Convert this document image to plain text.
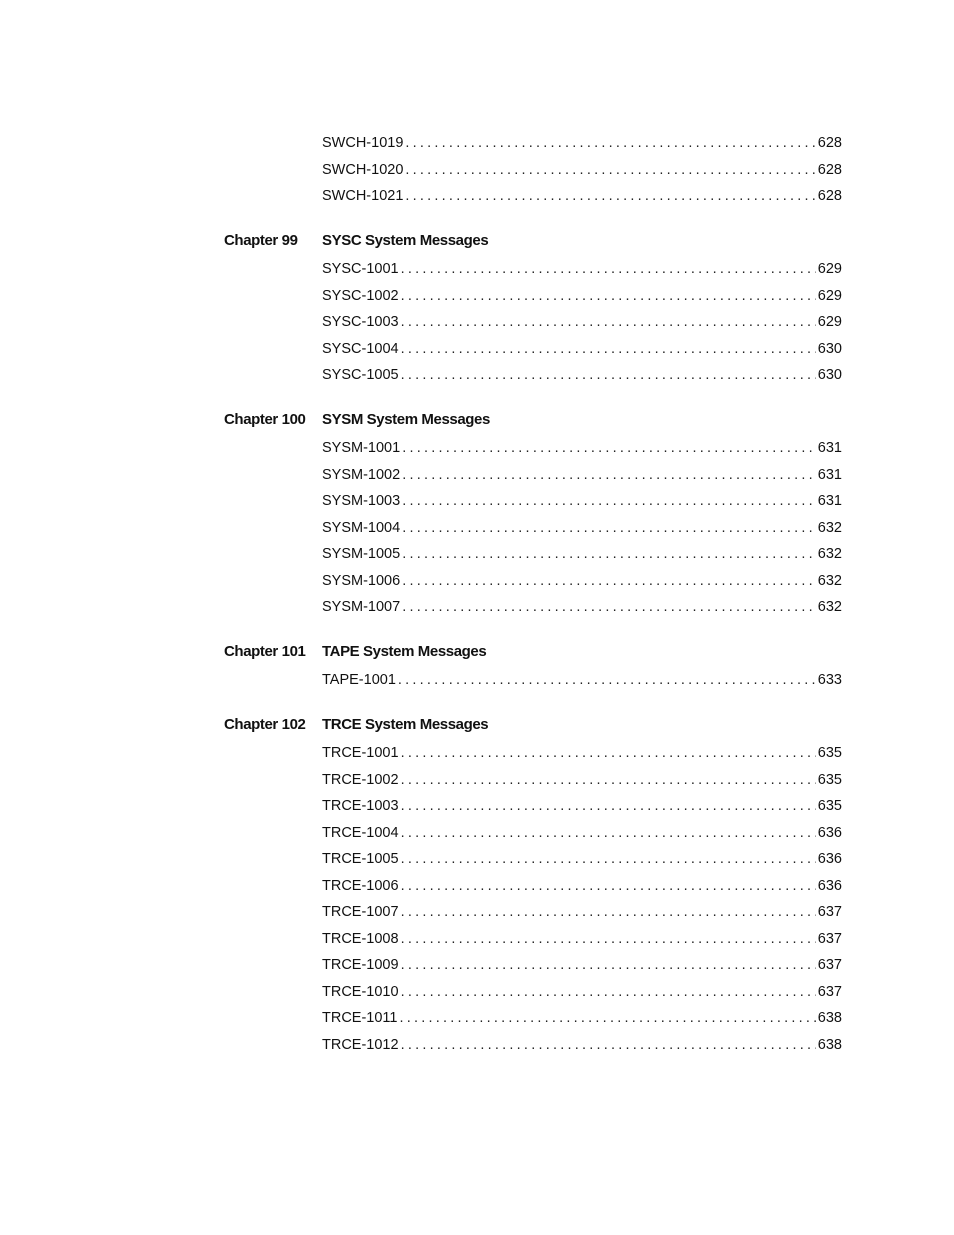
SWCH-1019 . . .	628
SWCH-1020 . . .	628
SWCH-1021 . . .	628
Chapter 99 SYSC System Messages
SYSC-1001 . . .	629
SYSC-1002 . . .	629
SYSC-1003 . . .	629
SYSC-1004 . . .	630
SYSC-1005 . . .	630
Chapter 100 SYSM System Messages
SYSM-1001 . . .	631
SYSM-1002 . . .	631
SYSM-1003 . . .	631
SYSM-1004 . . .	632
SYSM-1005 . . .	632
SYSM-1006 . . .	632
SYSM-1007 . . .	632
Chapter 101 TAPE System Messages
TAPE-1001 . . .	633
Chapter 102 TRCE System Messages
TRCE-1001 . . .	635
TRCE-1002 . . .	635
TRCE-1003 . . .	635
TRCE-1004 . . .	636
TRCE-1005 . . .	636
TRCE-1006 . . .	636
TRCE-1007 . . .	637
TRCE-1008 . . .	637
TRCE-1009 . . .	637
TRCE-1010 . . .	637
TRCE-1011 . . .	638
TRCE-1012 . . .	638
